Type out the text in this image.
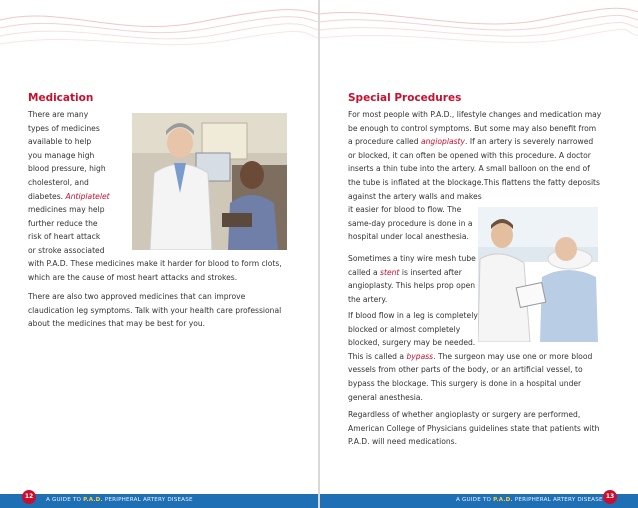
Medication
There are many
types of medicines
available to help
you manage high
blood pressure, high
cholesterol, and
diabetes. Antiplatelet
medicines may help
further reduce the
risk of heart attack
or stroke associated
with P.A.D. These medicines make it harder for blood to form clots,
which are the cause of most heart attacks and strokes.
There are also two approved medicines that can improve
claudication leg symptoms. Talk with your health care professional
about the medicines that may be best for you.
12	A GUIDE TO P.A.D. PERIPHERAL ARTERY DISEASE
Special Procedures
For most people with P.A.D., lifestyle changes and medication may
be enough to control symptoms. But some may also benefit from
a procedure called angioplasty. If an artery is severely narrowed
or blocked, it can often be opened with this procedure. A doctor
inserts a thin tube into the artery. A small balloon on the end of
the tube is inflated at the blockage.This flattens the fatty deposits
against the artery walls and makes
it easier for blood to flow. The
same-day procedure is done in a
hospital under local anesthesia.
Sometimes a tiny wire mesh tube
called a stent is inserted after
angioplasty. This helps prop open
the artery.
If blood flow in a leg is completely
blocked or almost completely
blocked, surgery may be needed.
This is called a bypass. The surgeon may use one or more blood
vessels from other parts of the body, or an artificial vessel, to
bypass the blockage. This surgery is done in a hospital under
general anesthesia.
Regardless of whether angioplasty or surgery are performed,
American College of Physicians guidelines state that patients with
P.A.D. will need medications.
A GUIDE TO P.A.D. PERIPHERAL ARTERY DISEASE 13
